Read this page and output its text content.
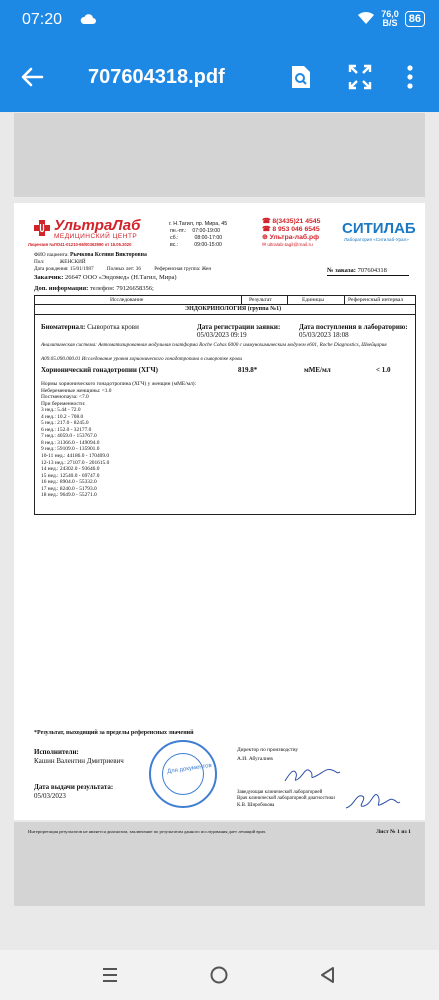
07:20	76,0
B/S	86
707604318.pdf
УльтраЛаб
МЕДИЦИНСКИЙ ЦЕНТР
Лицензия №ЛО41-01210-66/00363990 от 15.05.2020
г. Н.Тагил, пр. Мира, 45
пн.-пт.: 07:00-19:00
сб.:	08:00-17:00
вс.:	09:00-15:00
☎ 8(3435)21 4545
☎ 8 953 046 6545
⊕ Ультра-лаб.рф
✉ ultralab-tagil@mail.ru
СИТИЛАБ
Лаборатория «Ситилаб-Урал»
ФИО пациента: Рычкова Ксения Викторовна
Пол:	ЖЕНСКИЙ
Дата рождения: 15/01/1987	Полных лет: 36	Референсная группа: Жен	№ заказа: 707604318
Заказчик: 26647 ООО «Эндомед» (Н.Тагил, Мира)
Доп. информация: телефон: 79126658356;
Исследование	Результат	Единицы	Референсный интервал
ЭНДОКРИНОЛОГИЯ (группа №1)
Биоматериал: Сыворотка крови	Дата регистрации заявки:
05/03/2023 09:19
Дата поступления в лабораторию:
05/03/2023 18:08
Аналитическая система: Автоматизированная модульная платформа Roche Cobas 6000 с иммунохимическим модулем e601, Roche Diagnostics, Швейцария
A09.05.090.000.01 Исследование уровня хорионического гонадотропина в сыворотке крови
Хорионический гонадотропин (ХГЧ)	819.8*	мМЕ/мл	< 1.0
Нормы хорионического гонадотропина (ХГЧ) у женщин (мМЕ/мл):
Небеременные женщины: <1.0
Постменопауза: <7.0
При беременности:
3 нед.: 5.44 - 72.0
4 нед.: 10.2 - 708.0
5 нед.: 217.0 - 8245.0
6 нед.: 152.0 - 32177.0
7 нед.: 4059.0 - 153767.0
8 нед.: 31366.0 - 149094.0
9 нед.: 59109.0 - 135901.0
10-11 нед.: 44186.0 - 170409.0
12-13 нед.: 27107.0 - 201615.0
14 нед.: 24302.0 - 93646.0
15 нед.: 12540.0 - 69747.0
16 нед.: 8904.0 - 55332.0
17 нед.: 8240.0 - 51793.0
18 нед.: 9649.0 - 55271.0
*Результат, выходящий за пределы референсных значений
Исполнители:
Кашин Валентин Дмитриевич
Дата выдачи результата:
05/03/2023
Директор по производству
А.И. Абугалиев
Заведующая клинической лабораторией
Врач клинической лабораторной диагностики
К.В. Широбокова
Для документов
Интерпретация результатов не является диагнозом, заключение по результатам данного исследования дает лечащий врач.	Лист № 1 из 1
